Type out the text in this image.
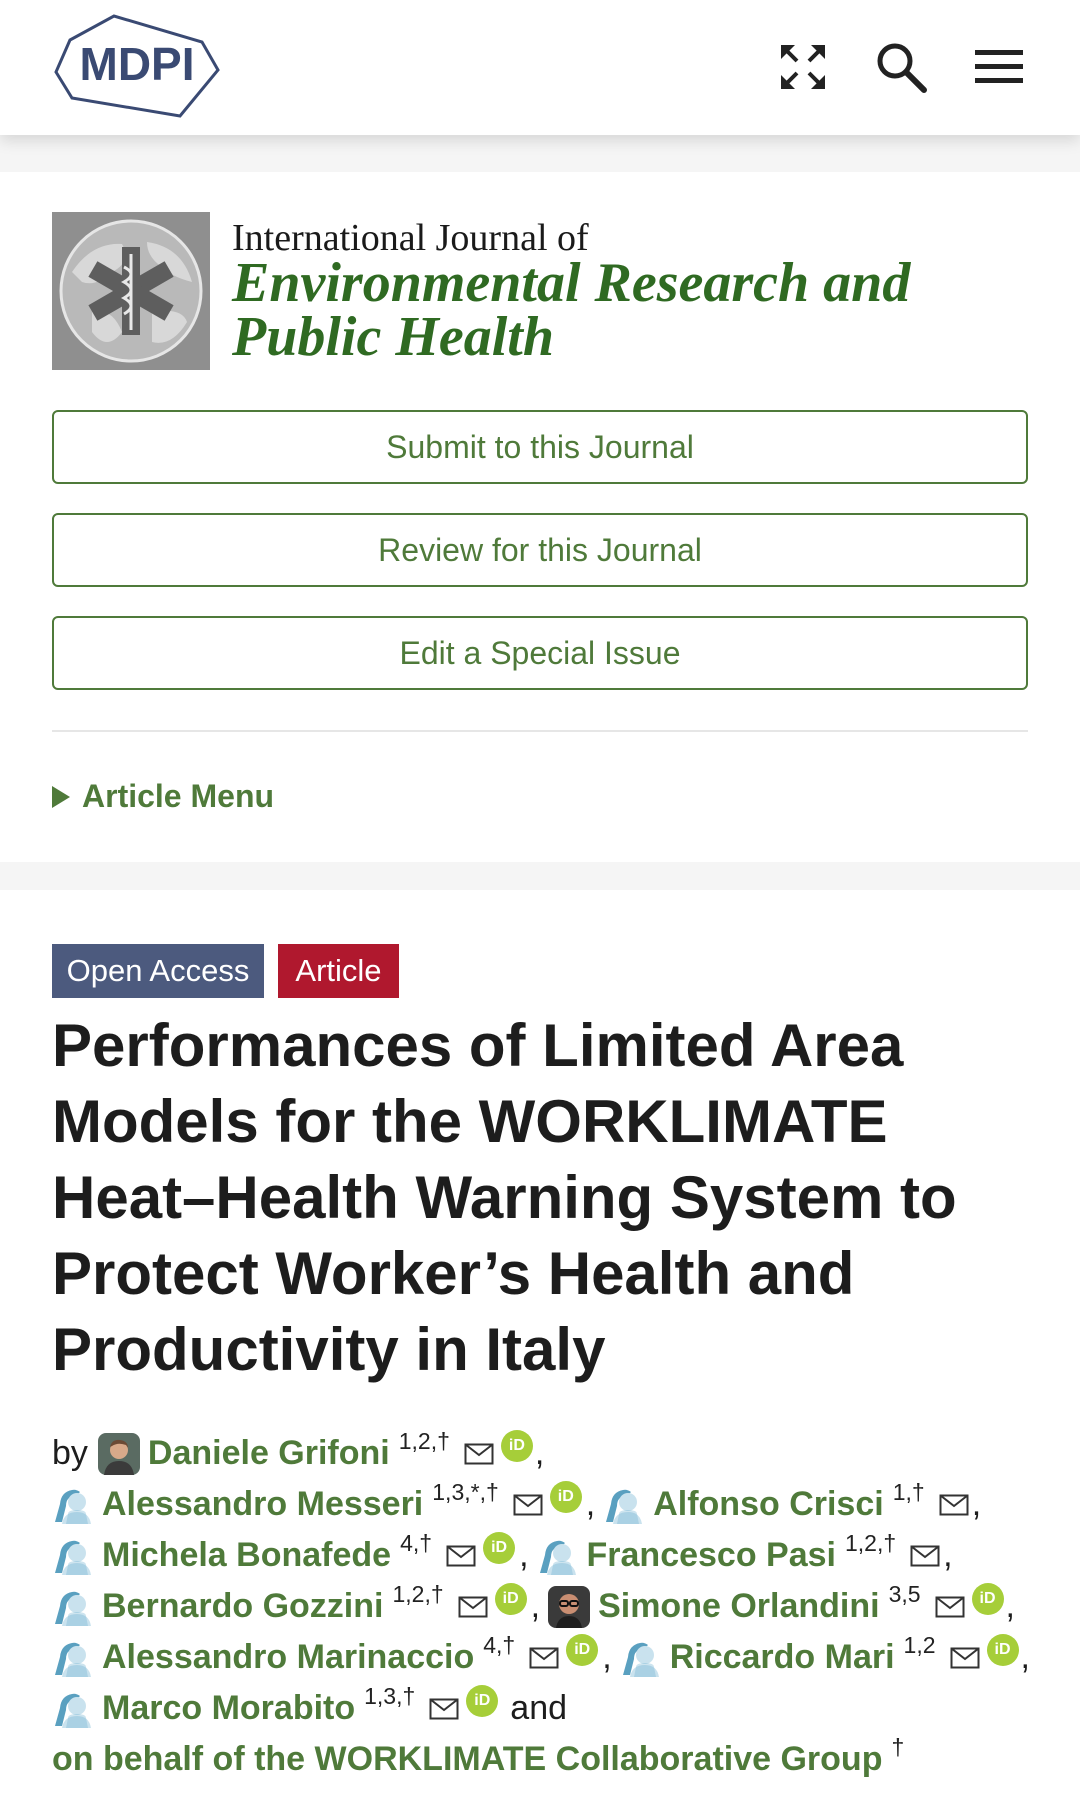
MDPI
International Journal of
Environmental Research and Public Health
Submit to this Journal
Review for this Journal
Edit a Special Issue
Article Menu
Open Access	Article
Performances of Limited Area Models for the WORKLIMATE Heat–Health Warning System to Protect Worker’s Health and Productivity in Italy
by Daniele Grifoni 1,2,†	iD ,
Alessandro Messeri 1,3,*,†	iD , Alfonso Crisci 1,† ,
Michela Bonafede 4,†	iD , Francesco Pasi 1,2,† ,
Bernardo Gozzini 1,2,†	iD , Simone Orlandini 3,5	iD ,
Alessandro Marinaccio 4,†	iD , Riccardo Mari 1,2	iD ,
Marco Morabito 1,3,†	iD and
on behalf of the WORKLIMATE Collaborative Group †
